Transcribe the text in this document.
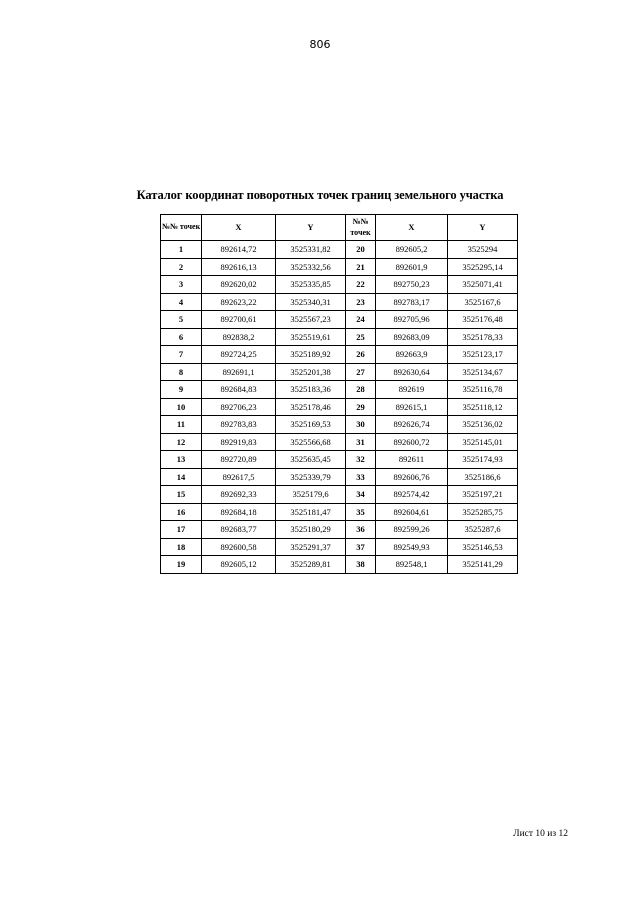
806
Каталог координат поворотных точек границ земельного участка
№№ точек	X	Y	№№ точек	X	Y
1	892614,72	3525331,82	20	892605,2	3525294
2	892616,13	3525332,56	21	892601,9	3525295,14
3	892620,02	3525335,85	22	892750,23	3525071,41
4	892623,22	3525340,31	23	892783,17	3525167,6
5	892700,61	3525567,23	24	892705,96	3525176,48
6	892838,2	3525519,61	25	892683,09	3525178,33
7	892724,25	3525189,92	26	892663,9	3525123,17
8	892691,1	3525201,38	27	892630,64	3525134,67
9	892684,83	3525183,36	28	892619	3525116,78
10	892706,23	3525178,46	29	892615,1	3525118,12
11	892783,83	3525169,53	30	892626,74	3525136,02
12	892919,83	3525566,68	31	892600,72	3525145,01
13	892720,89	3525635,45	32	892611	3525174,93
14	892617,5	3525339,79	33	892606,76	3525186,6
15	892692,33	3525179,6	34	892574,42	3525197,21
16	892684,18	3525181,47	35	892604,61	3525285,75
17	892683,77	3525180,29	36	892599,26	3525287,6
18	892600,58	3525291,37	37	892549,93	3525146,53
19	892605,12	3525289,81	38	892548,1	3525141,29
Лист 10 из 12
